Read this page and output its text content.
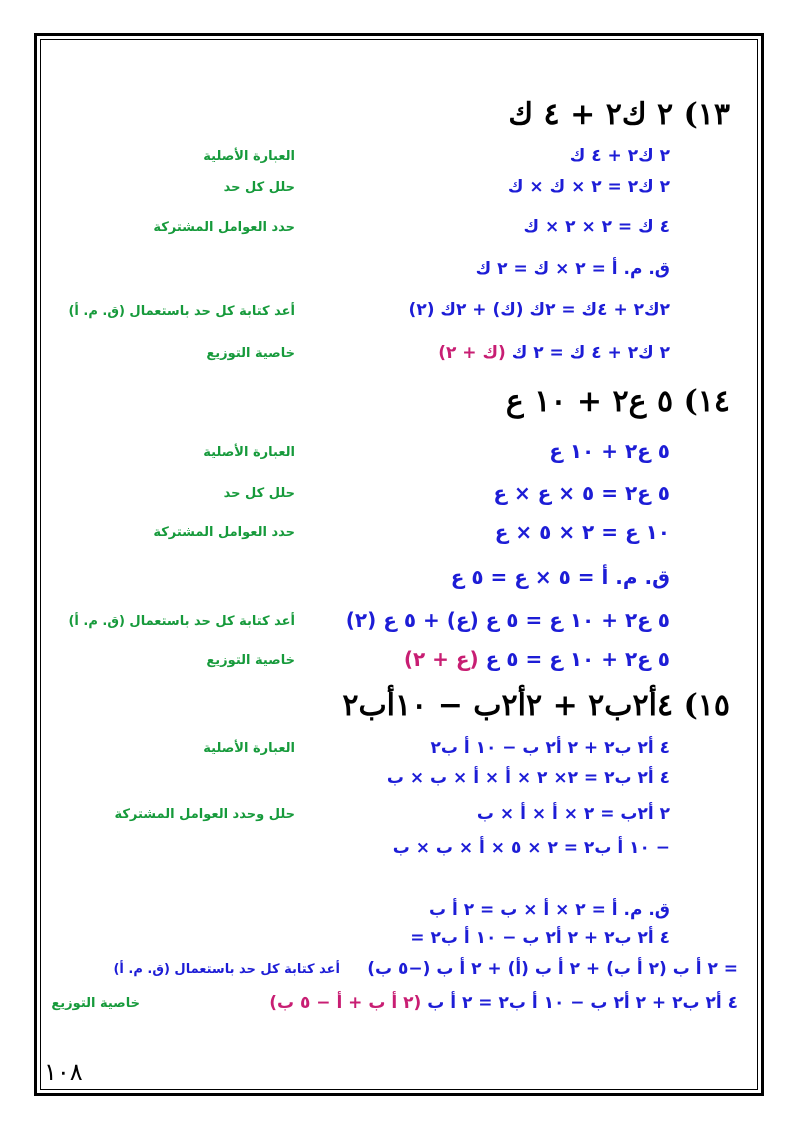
١٣) ٢ ك٢ + ٤ ك
٢ ك٢ + ٤ ك
العبارة الأصلية
٢ ك٢ = ٢ × ك × ك
حلل كل حد
٤ ك = ٢ × ٢ × ك
حدد العوامل المشتركة
ق. م. أ = ٢ × ك = ٢ ك
٢ك٢ + ٤ك = ٢ك (ك) + ٢ك (٢)
أعد كتابة كل حد باستعمال (ق. م. أ)
٢ ك٢ + ٤ ك = ٢ ك (ك + ٢)
خاصية التوزيع
١٤) ٥ ع٢ + ١٠ ع
٥ ع٢ + ١٠ ع
العبارة الأصلية
٥ ع٢ = ٥ × ع × ع
حلل كل حد
١٠ ع = ٢ × ٥ × ع
حدد العوامل المشتركة
ق. م. أ = ٥ × ع = ٥ ع
٥ ع٢ + ١٠ ع = ٥ ع (ع) + ٥ ع (٢)
أعد كتابة كل حد باستعمال (ق. م. أ)
٥ ع٢ + ١٠ ع = ٥ ع (ع + ٢)
خاصية التوزيع
١٥) ٤أ٢ب٢ + ٢أ٢ب − ١٠أب٢
٤ أ٢ ب٢ + ٢ أ٢ ب − ١٠ أ ب٢
العبارة الأصلية
٤ أ٢ ب٢ = ٢× ٢ × أ × أ × ب × ب
٢ أ٢ب = ٢ × أ × أ × ب
حلل وحدد العوامل المشتركة
− ١٠ أ ب٢ = ٢ × ٥ × أ × ب × ب
ق. م. أ = ٢ × أ × ب = ٢ أ ب
٤ أ٢ ب٢ + ٢ أ٢ ب − ١٠ أ ب٢ =
= ٢ أ ب (٢ أ ب) + ٢ أ ب (أ) + ٢ أ ب (−٥ ب)
أعد كتابة كل حد باستعمال (ق. م. أ)
٤ أ٢ ب٢ + ٢ أ٢ ب − ١٠ أ ب٢ = ٢ أ ب (٢ أ ب + أ − ٥ ب)
خاصية التوزيع
١٠٨
